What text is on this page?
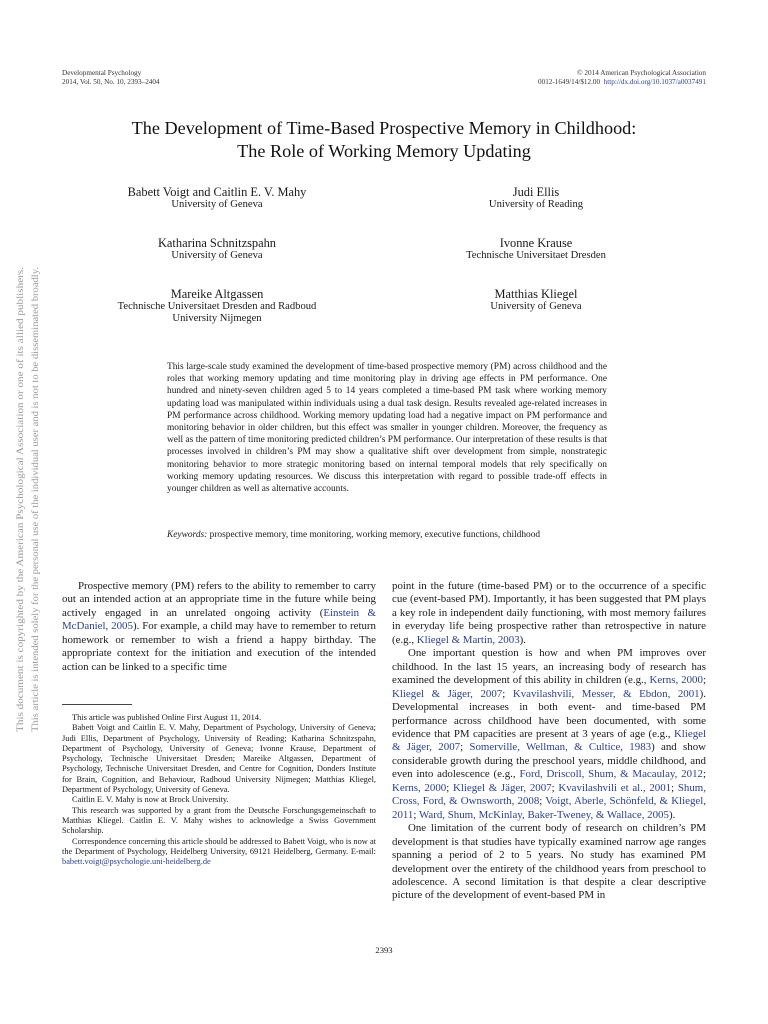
Developmental Psychology
2014, Vol. 50, No. 10, 2393–2404
© 2014 American Psychological Association
0012-1649/14/$12.00 http://dx.doi.org/10.1037/a0037491
The Development of Time-Based Prospective Memory in Childhood:
The Role of Working Memory Updating
Babett Voigt and Caitlin E. V. Mahy
University of Geneva
Judi Ellis
University of Reading
Katharina Schnitzspahn
University of Geneva
Ivonne Krause
Technische Universitaet Dresden
Mareike Altgassen
Technische Universitaet Dresden and Radboud
University Nijmegen
Matthias Kliegel
University of Geneva
This large-scale study examined the development of time-based prospective memory (PM) across childhood and the roles that working memory updating and time monitoring play in driving age effects in PM performance. One hundred and ninety-seven children aged 5 to 14 years completed a time-based PM task where working memory updating load was manipulated within individuals using a dual task design. Results revealed age-related increases in PM performance across childhood. Working memory updating load had a negative impact on PM performance and monitoring behavior in older children, but this effect was smaller in younger children. Moreover, the frequency as well as the pattern of time monitoring predicted children’s PM performance. Our interpretation of these results is that processes involved in children’s PM may show a qualitative shift over development from simple, nonstrategic monitoring behavior to more strategic monitoring based on internal temporal models that rely specifically on working memory updating resources. We discuss this interpretation with regard to possible trade-off effects in younger children as well as alternative accounts.
Keywords: prospective memory, time monitoring, working memory, executive functions, childhood

Prospective memory (PM) refers to the ability to remember to carry out an intended action at an appropriate time in the future while being actively engaged in an unrelated ongoing activity (Einstein & McDaniel, 2005). For example, a child may have to remember to return homework or remember to wish a friend a happy birthday. The appropriate context for the initiation and execution of the intended action can be linked to a specific time

This article was published Online First August 11, 2014.

Babett Voigt and Caitlin E. V. Mahy, Department of Psychology, University of Geneva; Judi Ellis, Department of Psychology, University of Reading; Katharina Schnitzspahn, Department of Psychology, University of Geneva; Ivonne Krause, Department of Psychology, Technische Universitaet Dresden; Mareike Altgassen, Department of Psychology, Technische Universitaet Dresden, and Centre for Cognition, Donders Institute for Brain, Cognition, and Behaviour, Radboud University Nijmegen; Matthias Kliegel, Department of Psychology, University of Geneva.

Caitlin E. V. Mahy is now at Brock University.

This research was supported by a grant from the Deutsche Forschungsgemeinschaft to Matthias Kliegel. Caitlin E. V. Mahy wishes to acknowledge a Swiss Government Scholarship.

Correspondence concerning this article should be addressed to Babett Voigt, who is now at the Department of Psychology, Heidelberg University, 69121 Heidelberg, Germany. E-mail: babett.voigt@psychologie.uni-heidelberg.de

point in the future (time-based PM) or to the occurrence of a specific cue (event-based PM). Importantly, it has been suggested that PM plays a key role in independent daily functioning, with most memory failures in everyday life being prospective rather than retrospective in nature (e.g., Kliegel & Martin, 2003).

One important question is how and when PM improves over childhood. In the last 15 years, an increasing body of research has examined the development of this ability in children (e.g., Kerns, 2000; Kliegel & Jäger, 2007; Kvavilashvili, Messer, & Ebdon, 2001). Developmental increases in both event- and time-based PM performance across childhood have been documented, with some evidence that PM capacities are present at 3 years of age (e.g., Kliegel & Jäger, 2007; Somerville, Wellman, & Cultice, 1983) and show considerable growth during the preschool years, middle childhood, and even into adolescence (e.g., Ford, Driscoll, Shum, & Macaulay, 2012; Kerns, 2000; Kliegel & Jäger, 2007; Kvavilashvili et al., 2001; Shum, Cross, Ford, & Ownsworth, 2008; Voigt, Aberle, Schönfeld, & Kliegel, 2011; Ward, Shum, McKinlay, Baker-Tweney, & Wallace, 2005).

One limitation of the current body of research on children’s PM development is that studies have typically examined narrow age ranges spanning a period of 2 to 5 years. No study has examined PM development over the entirety of the childhood years from preschool to adolescence. A second limitation is that despite a clear descriptive picture of the development of event-based PM in

2393
This document is copyrighted by the American Psychological Association or one of its allied publishers. This article is intended solely for the personal use of the individual user and is not to be disseminated broadly.
